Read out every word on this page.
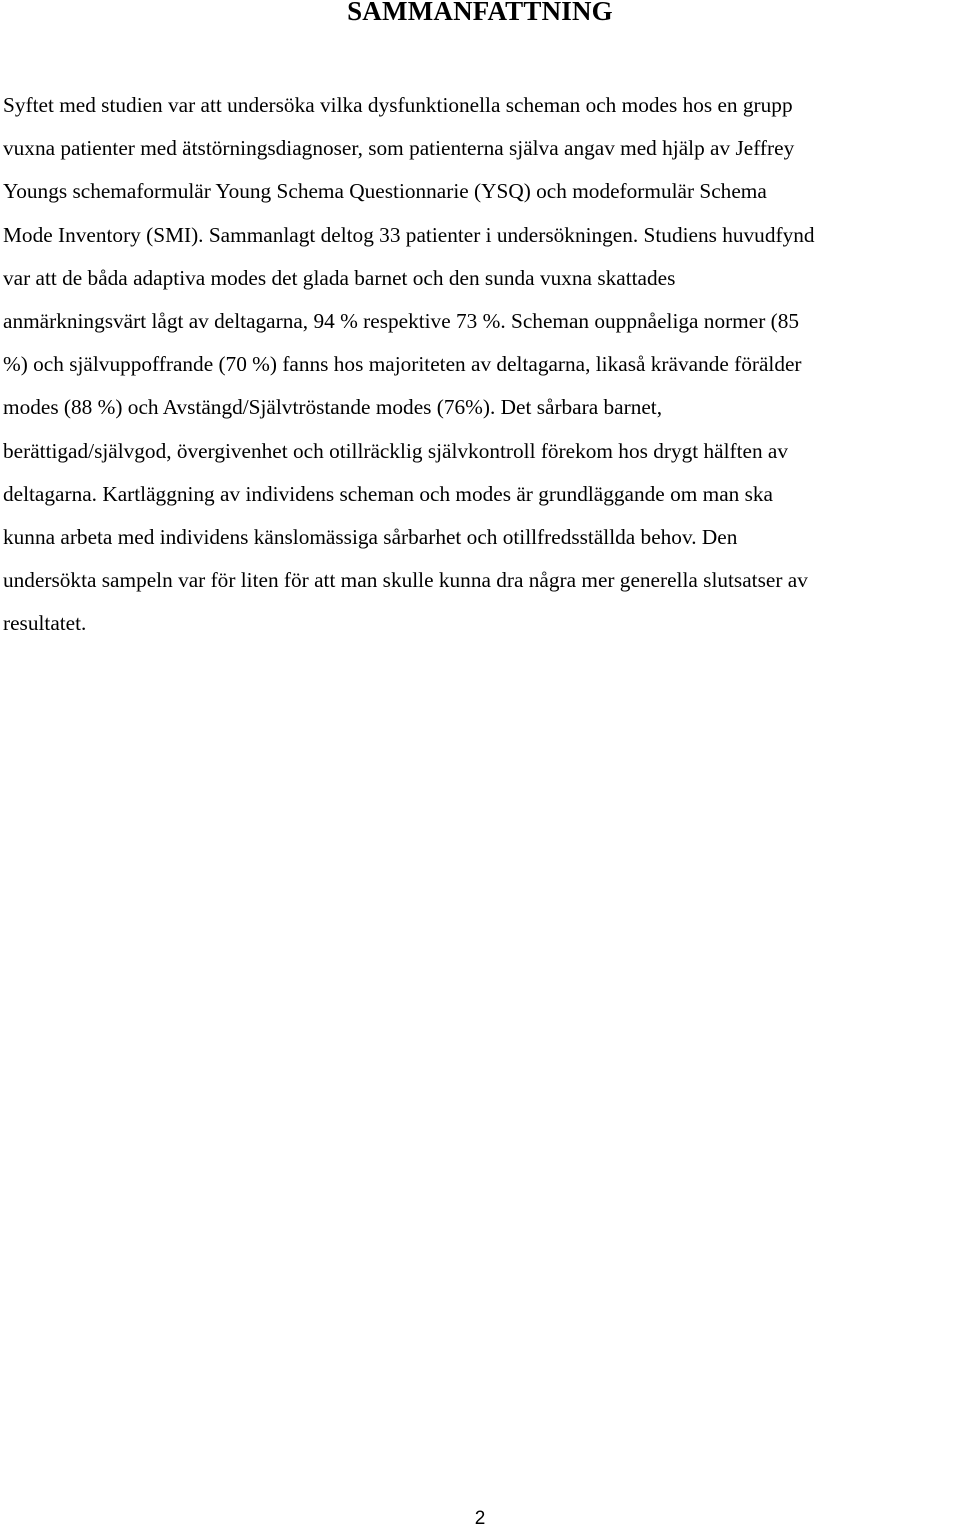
SAMMANFATTNING
Syftet med studien var att undersöka vilka dysfunktionella scheman och modes hos en grupp
vuxna patienter med ätstörningsdiagnoser, som patienterna själva angav med hjälp av Jeffrey
Youngs schemaformulär Young Schema Questionnarie (YSQ) och modeformulär Schema
Mode Inventory (SMI). Sammanlagt deltog 33 patienter i undersökningen. Studiens huvudfynd
var att de båda adaptiva modes det glada barnet och den sunda vuxna skattades
anmärkningsvärt lågt av deltagarna, 94 % respektive 73 %. Scheman ouppnåeliga normer (85
%) och självuppoffrande (70 %) fanns hos majoriteten av deltagarna, likaså krävande förälder
modes (88 %) och Avstängd/Självtröstande modes (76%). Det sårbara barnet,
berättigad/självgod, övergivenhet och otillräcklig självkontroll förekom hos drygt hälften av
deltagarna. Kartläggning av individens scheman och modes är grundläggande om man ska
kunna arbeta med individens känslomässiga sårbarhet och otillfredsställda behov. Den
undersökta sampeln var för liten för att man skulle kunna dra några mer generella slutsatser av
resultatet.
2
